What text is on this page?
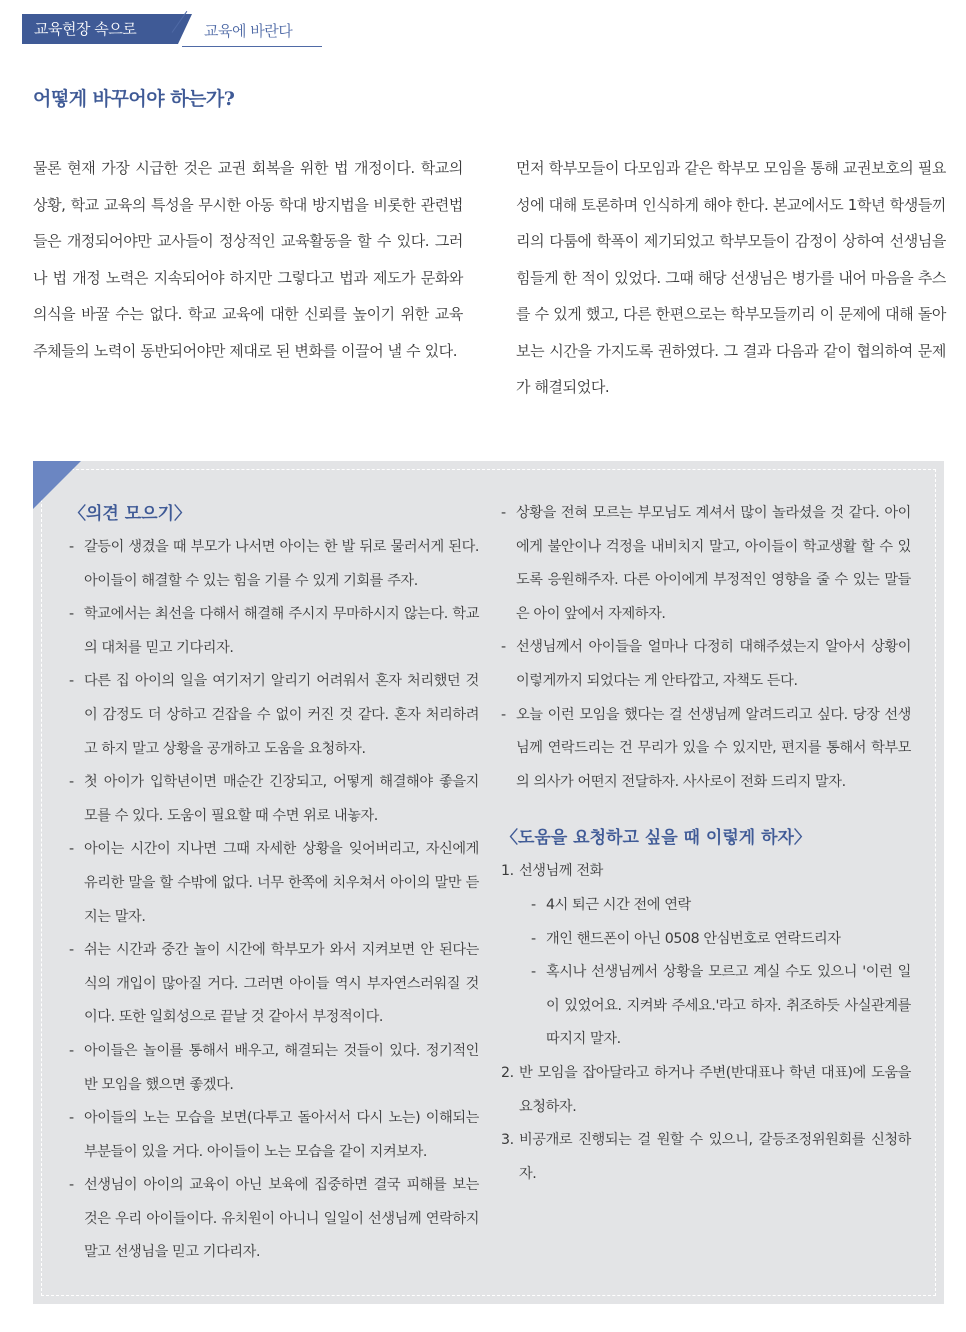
교육현장 속으로	교육에 바란다
어떻게 바꾸어야 하는가?

물론 현재 가장 시급한 것은 교권 회복을 위한 법 개정이다. 학교의 상황, 학교 교육의 특성을 무시한 아동 학대 방지법을 비롯한 관련법들은 개정되어야만 교사들이 정상적인 교육활동을 할 수 있다. 그러나 법 개정 노력은 지속되어야 하지만 그렇다고 법과 제도가 문화와 의식을 바꿀 수는 없다. 학교 교육에 대한 신뢰를 높이기 위한 교육 주체들의 노력이 동반되어야만 제대로 된 변화를 이끌어 낼 수 있다.

먼저 학부모들이 다모임과 같은 학부모 모임을 통해 교권보호의 필요성에 대해 토론하며 인식하게 해야 한다. 본교에서도 1학년 학생들끼리의 다툼에 학폭이 제기되었고 학부모들이 감정이 상하여 선생님을 힘들게 한 적이 있었다. 그때 해당 선생님은 병가를 내어 마음을 추스를 수 있게 했고, 다른 한편으로는 학부모들끼리 이 문제에 대해 돌아보는 시간을 가지도록 권하였다. 그 결과 다음과 같이 협의하여 문제가 해결되었다.

〈의견 모으기〉

- 갈등이 생겼을 때 부모가 나서면 아이는 한 발 뒤로 물러서게 된다. 아이들이 해결할 수 있는 힘을 기를 수 있게 기회를 주자.
- 학교에서는 최선을 다해서 해결해 주시지 무마하시지 않는다. 학교의 대처를 믿고 기다리자.
- 다른 집 아이의 일을 여기저기 알리기 어려워서 혼자 처리했던 것이 감정도 더 상하고 걷잡을 수 없이 커진 것 같다. 혼자 처리하려고 하지 말고 상황을 공개하고 도움을 요청하자.
- 첫 아이가 입학년이면 매순간 긴장되고, 어떻게 해결해야 좋을지 모를 수 있다. 도움이 필요할 때 수면 위로 내놓자.
- 아이는 시간이 지나면 그때 자세한 상황을 잊어버리고, 자신에게 유리한 말을 할 수밖에 없다. 너무 한쪽에 치우쳐서 아이의 말만 듣지는 말자.
- 쉬는 시간과 중간 놀이 시간에 학부모가 와서 지켜보면 안 된다는 식의 개입이 많아질 거다. 그러면 아이들 역시 부자연스러워질 것이다. 또한 일회성으로 끝날 것 같아서 부정적이다.
- 아이들은 놀이를 통해서 배우고, 해결되는 것들이 있다. 정기적인 반 모임을 했으면 좋겠다.
- 아이들의 노는 모습을 보면(다투고 돌아서서 다시 노는) 이해되는 부분들이 있을 거다. 아이들이 노는 모습을 같이 지켜보자.
- 선생님이 아이의 교육이 아닌 보육에 집중하면 결국 피해를 보는 것은 우리 아이들이다. 유치원이 아니니 일일이 선생님께 연락하지 말고 선생님을 믿고 기다리자.
- 상황을 전혀 모르는 부모님도 계셔서 많이 놀라셨을 것 같다. 아이에게 불안이나 걱정을 내비치지 말고, 아이들이 학교생활 할 수 있도록 응원해주자. 다른 아이에게 부정적인 영향을 줄 수 있는 말들은 아이 앞에서 자제하자.
- 선생님께서 아이들을 얼마나 다정히 대해주셨는지 알아서 상황이 이렇게까지 되었다는 게 안타깝고, 자책도 든다.
- 오늘 이런 모임을 했다는 걸 선생님께 알려드리고 싶다. 당장 선생님께 연락드리는 건 무리가 있을 수 있지만, 편지를 통해서 학부모의 의사가 어떤지 전달하자. 사사로이 전화 드리지 말자.

〈도움을 요청하고 싶을 때 이렇게 하자〉

1. 선생님께 전화
- 4시 퇴근 시간 전에 연락
- 개인 핸드폰이 아닌 0508 안심번호로 연락드리자
- 혹시나 선생님께서 상황을 모르고 계실 수도 있으니 '이런 일이 있었어요. 지켜봐 주세요.'라고 하자. 취조하듯 사실관계를 따지지 말자.
2. 반 모임을 잡아달라고 하거나 주변(반대표나 학년 대표)에 도움을 요청하자.
3. 비공개로 진행되는 걸 원할 수 있으니, 갈등조정위원회를 신청하자.
